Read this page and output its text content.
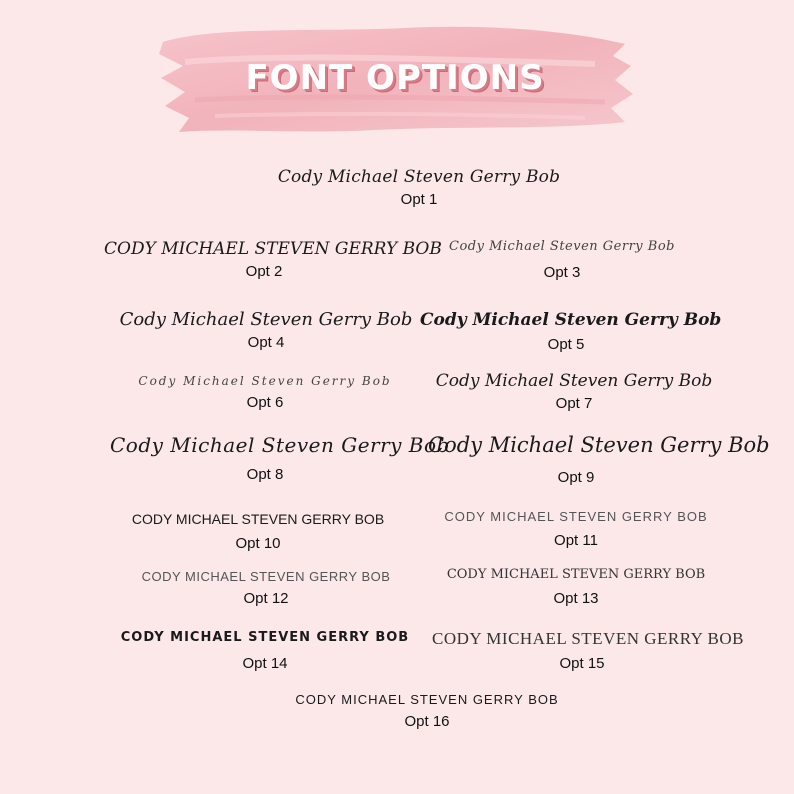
FONT OPTIONS
Cody Michael Steven Gerry Bob
Opt 1
CODY MICHAEL STEVEN GERRY BOB
Opt 2
Cody Michael Steven Gerry Bob
Opt 3
Cody Michael Steven Gerry Bob
Opt 4
Cody Michael Steven Gerry Bob
Opt 5
Cody Michael Steven Gerry Bob
Opt 6
Cody Michael Steven Gerry Bob
Opt 7
Cody Michael Steven Gerry Bob
Opt 8
Cody Michael Steven Gerry Bob
Opt 9
CODY MICHAEL STEVEN GERRY BOB
Opt 10
CODY MICHAEL STEVEN GERRY BOB
Opt 11
CODY MICHAEL STEVEN GERRY BOB
Opt 12
CODY MICHAEL STEVEN GERRY BOB
Opt 13
CODY MICHAEL STEVEN GERRY BOB
Opt 14
CODY MICHAEL STEVEN GERRY BOB
Opt 15
CODY MICHAEL STEVEN GERRY BOB
Opt 16
